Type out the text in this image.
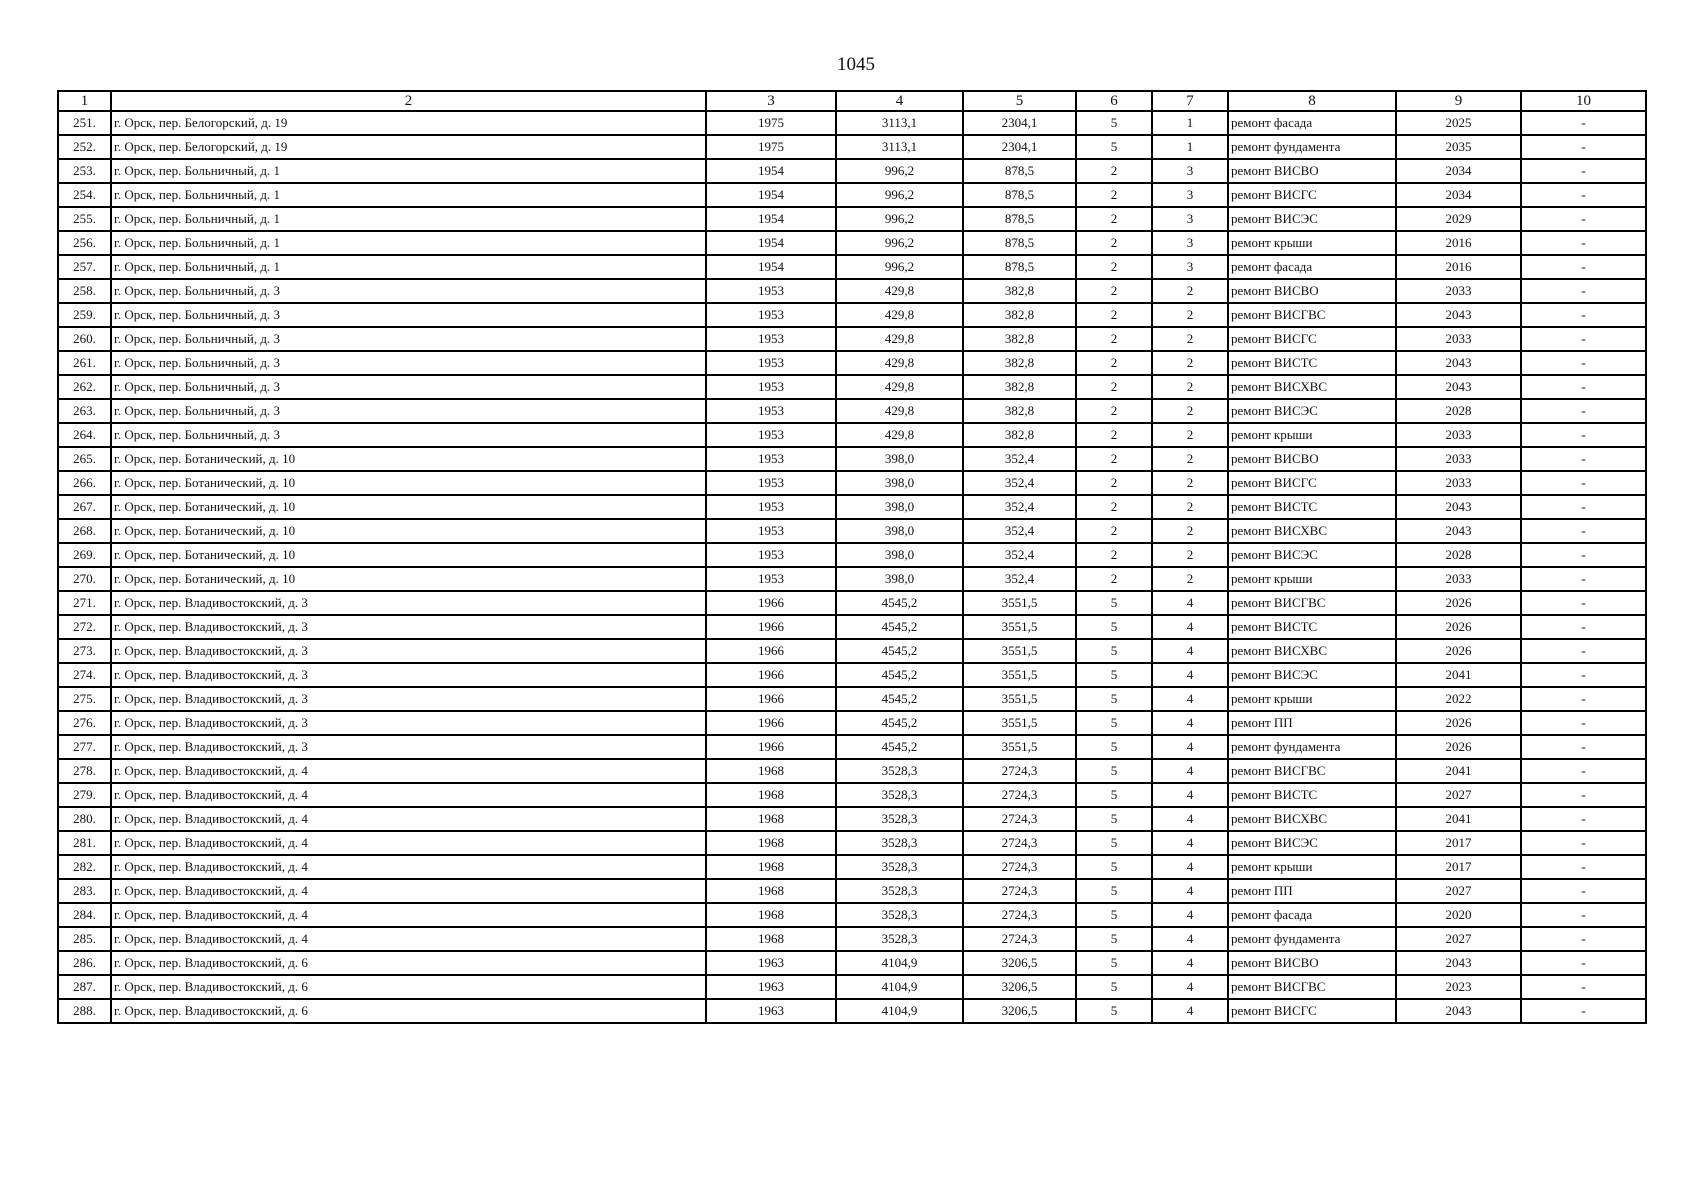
1045
1	2	3	4	5	6	7	8	9	10
251.	г. Орск, пер. Белогорский, д. 19	1975	3113,1	2304,1	5	1	ремонт фасада	2025	-
252.	г. Орск, пер. Белогорский, д. 19	1975	3113,1	2304,1	5	1	ремонт фундамента	2035	-
253.	г. Орск, пер. Больничный, д. 1	1954	996,2	878,5	2	3	ремонт ВИСВО	2034	-
254.	г. Орск, пер. Больничный, д. 1	1954	996,2	878,5	2	3	ремонт ВИСГС	2034	-
255.	г. Орск, пер. Больничный, д. 1	1954	996,2	878,5	2	3	ремонт ВИСЭС	2029	-
256.	г. Орск, пер. Больничный, д. 1	1954	996,2	878,5	2	3	ремонт крыши	2016	-
257.	г. Орск, пер. Больничный, д. 1	1954	996,2	878,5	2	3	ремонт фасада	2016	-
258.	г. Орск, пер. Больничный, д. 3	1953	429,8	382,8	2	2	ремонт ВИСВО	2033	-
259.	г. Орск, пер. Больничный, д. 3	1953	429,8	382,8	2	2	ремонт ВИСГВС	2043	-
260.	г. Орск, пер. Больничный, д. 3	1953	429,8	382,8	2	2	ремонт ВИСГС	2033	-
261.	г. Орск, пер. Больничный, д. 3	1953	429,8	382,8	2	2	ремонт ВИСТС	2043	-
262.	г. Орск, пер. Больничный, д. 3	1953	429,8	382,8	2	2	ремонт ВИСХВС	2043	-
263.	г. Орск, пер. Больничный, д. 3	1953	429,8	382,8	2	2	ремонт ВИСЭС	2028	-
264.	г. Орск, пер. Больничный, д. 3	1953	429,8	382,8	2	2	ремонт крыши	2033	-
265.	г. Орск, пер. Ботанический, д. 10	1953	398,0	352,4	2	2	ремонт ВИСВО	2033	-
266.	г. Орск, пер. Ботанический, д. 10	1953	398,0	352,4	2	2	ремонт ВИСГС	2033	-
267.	г. Орск, пер. Ботанический, д. 10	1953	398,0	352,4	2	2	ремонт ВИСТС	2043	-
268.	г. Орск, пер. Ботанический, д. 10	1953	398,0	352,4	2	2	ремонт ВИСХВС	2043	-
269.	г. Орск, пер. Ботанический, д. 10	1953	398,0	352,4	2	2	ремонт ВИСЭС	2028	-
270.	г. Орск, пер. Ботанический, д. 10	1953	398,0	352,4	2	2	ремонт крыши	2033	-
271.	г. Орск, пер. Владивостокский, д. 3	1966	4545,2	3551,5	5	4	ремонт ВИСГВС	2026	-
272.	г. Орск, пер. Владивостокский, д. 3	1966	4545,2	3551,5	5	4	ремонт ВИСТС	2026	-
273.	г. Орск, пер. Владивостокский, д. 3	1966	4545,2	3551,5	5	4	ремонт ВИСХВС	2026	-
274.	г. Орск, пер. Владивостокский, д. 3	1966	4545,2	3551,5	5	4	ремонт ВИСЭС	2041	-
275.	г. Орск, пер. Владивостокский, д. 3	1966	4545,2	3551,5	5	4	ремонт крыши	2022	-
276.	г. Орск, пер. Владивостокский, д. 3	1966	4545,2	3551,5	5	4	ремонт ПП	2026	-
277.	г. Орск, пер. Владивостокский, д. 3	1966	4545,2	3551,5	5	4	ремонт фундамента	2026	-
278.	г. Орск, пер. Владивостокский, д. 4	1968	3528,3	2724,3	5	4	ремонт ВИСГВС	2041	-
279.	г. Орск, пер. Владивостокский, д. 4	1968	3528,3	2724,3	5	4	ремонт ВИСТС	2027	-
280.	г. Орск, пер. Владивостокский, д. 4	1968	3528,3	2724,3	5	4	ремонт ВИСХВС	2041	-
281.	г. Орск, пер. Владивостокский, д. 4	1968	3528,3	2724,3	5	4	ремонт ВИСЭС	2017	-
282.	г. Орск, пер. Владивостокский, д. 4	1968	3528,3	2724,3	5	4	ремонт крыши	2017	-
283.	г. Орск, пер. Владивостокский, д. 4	1968	3528,3	2724,3	5	4	ремонт ПП	2027	-
284.	г. Орск, пер. Владивостокский, д. 4	1968	3528,3	2724,3	5	4	ремонт фасада	2020	-
285.	г. Орск, пер. Владивостокский, д. 4	1968	3528,3	2724,3	5	4	ремонт фундамента	2027	-
286.	г. Орск, пер. Владивостокский, д. 6	1963	4104,9	3206,5	5	4	ремонт ВИСВО	2043	-
287.	г. Орск, пер. Владивостокский, д. 6	1963	4104,9	3206,5	5	4	ремонт ВИСГВС	2023	-
288.	г. Орск, пер. Владивостокский, д. 6	1963	4104,9	3206,5	5	4	ремонт ВИСГС	2043	-
